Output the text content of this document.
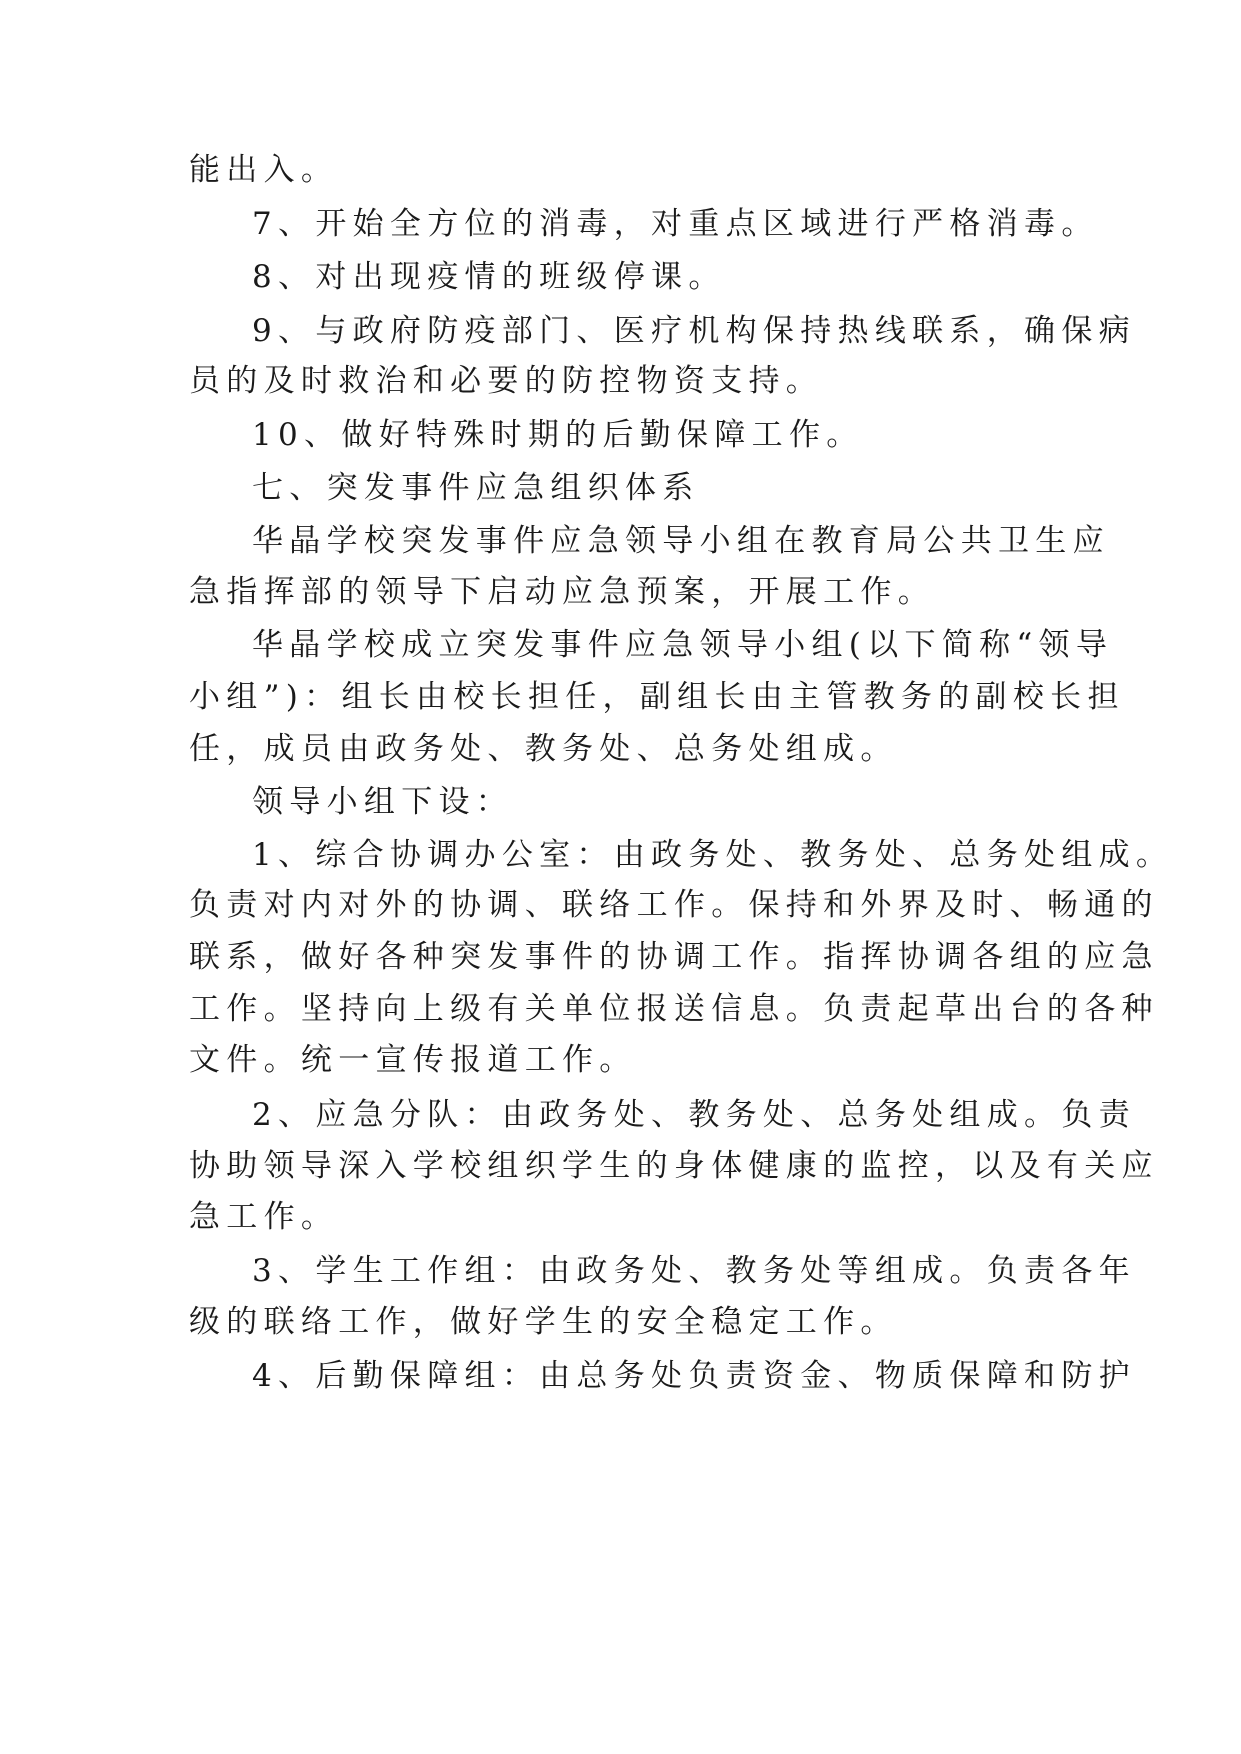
能出入。
7、开始全方位的消毒，对重点区域进行严格消毒。
8、对出现疫情的班级停课。
9、与政府防疫部门、医疗机构保持热线联系，确保病
员的及时救治和必要的防控物资支持。
10、做好特殊时期的后勤保障工作。
七、突发事件应急组织体系
华晶学校突发事件应急领导小组在教育局公共卫生应
急指挥部的领导下启动应急预案，开展工作。
华晶学校成立突发事件应急领导小组(以下简称“领导
小组”)：组长由校长担任，副组长由主管教务的副校长担
任，成员由政务处、教务处、总务处组成。
领导小组下设：
1、综合协调办公室：由政务处、教务处、总务处组成。
负责对内对外的协调、联络工作。保持和外界及时、畅通的
联系，做好各种突发事件的协调工作。指挥协调各组的应急
工作。坚持向上级有关单位报送信息。负责起草出台的各种
文件。统一宣传报道工作。
2、应急分队：由政务处、教务处、总务处组成。负责
协助领导深入学校组织学生的身体健康的监控，以及有关应
急工作。
3、学生工作组：由政务处、教务处等组成。负责各年
级的联络工作，做好学生的安全稳定工作。
4、后勤保障组：由总务处负责资金、物质保障和防护
